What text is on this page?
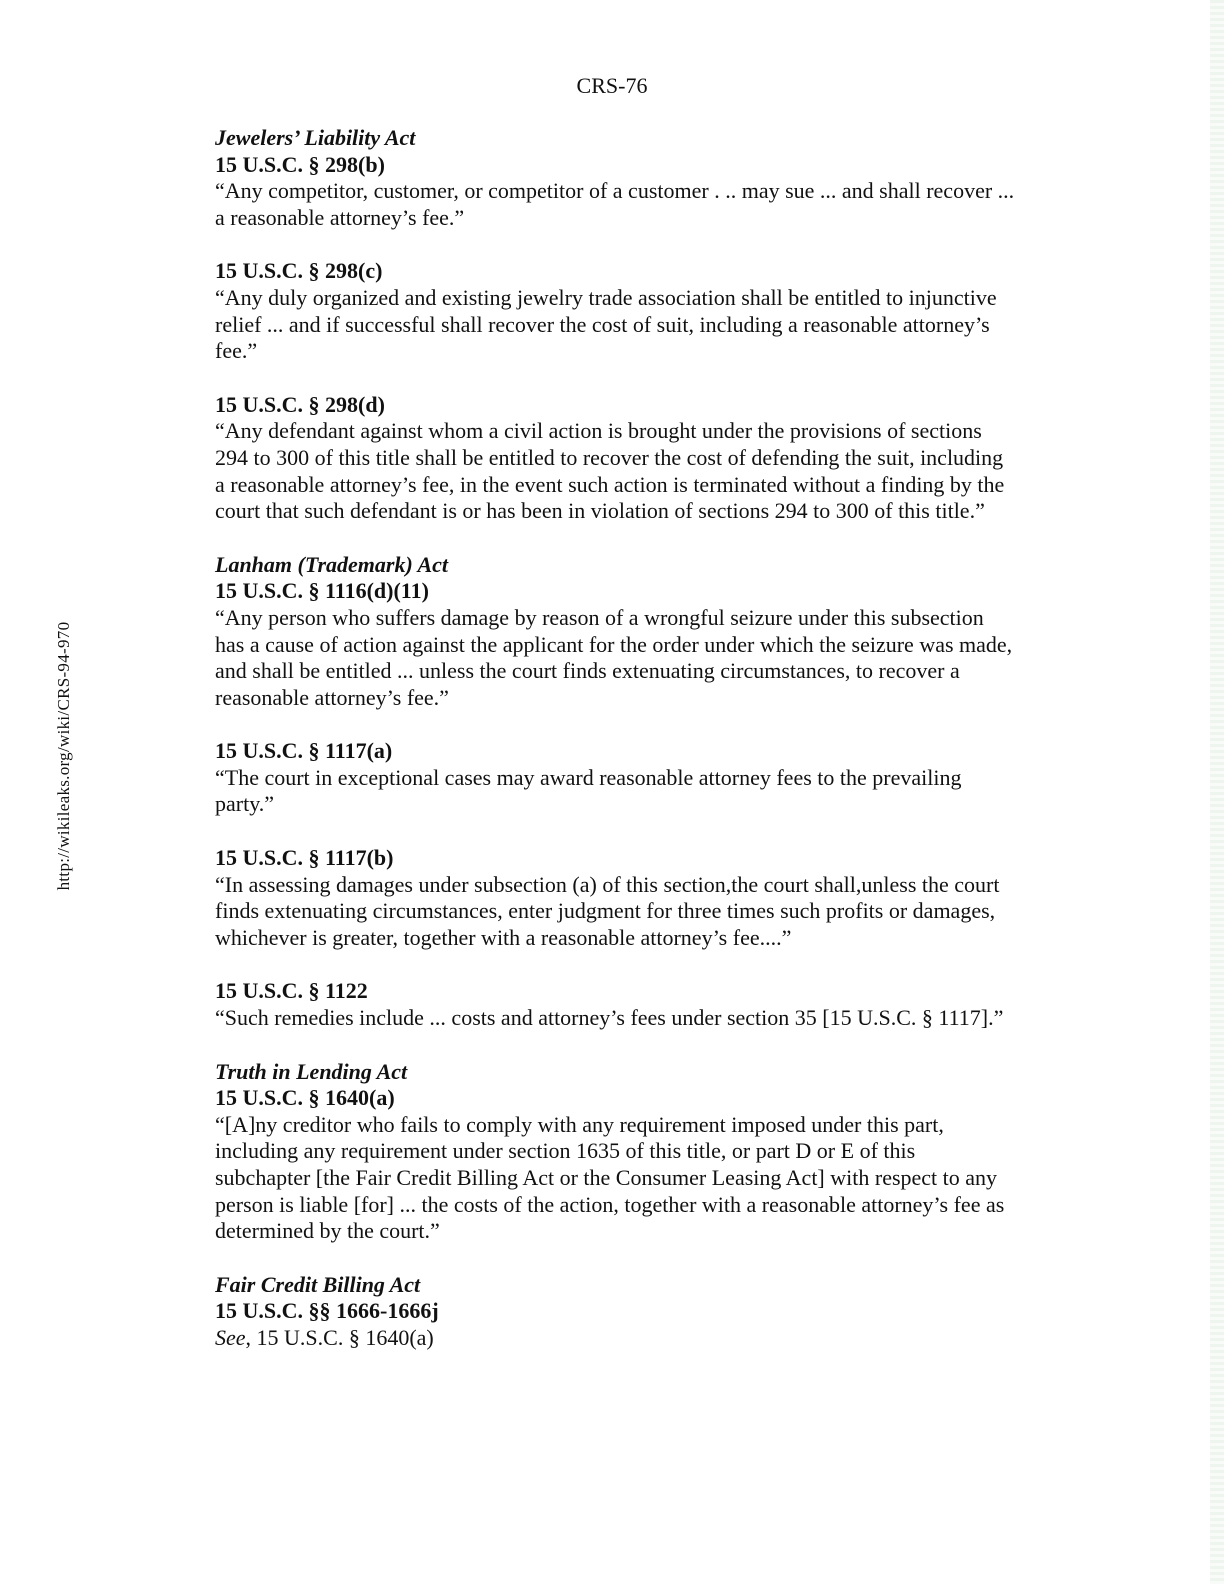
CRS-76
http://wikileaks.org/wiki/CRS-94-970
Jewelers’ Liability Act
15 U.S.C. § 298(b)

“Any competitor, customer, or competitor of a customer . .. may sue ... and shall recover ... a reasonable attorney’s fee.”

15 U.S.C. § 298(c)

“Any duly organized and existing jewelry trade association shall be entitled to injunctive relief ... and if successful shall recover the cost of suit, including a reasonable attorney’s fee.”

15 U.S.C. § 298(d)

“Any defendant against whom a civil action is brought under the provisions of sections 294 to 300 of this title shall be entitled to recover the cost of defending the suit, including a reasonable attorney’s fee, in the event such action is terminated without a finding by the court that such defendant is or has been in violation of sections 294 to 300 of this title.”

Lanham (Trademark) Act
15 U.S.C. § 1116(d)(11)

“Any person who suffers damage by reason of a wrongful seizure under this subsection has a cause of action against the applicant for the order under which the seizure was made, and shall be entitled ... unless the court finds extenuating circumstances, to recover a reasonable attorney’s fee.”

15 U.S.C. § 1117(a)

“The court in exceptional cases may award reasonable attorney fees to the prevailing party.”

15 U.S.C. § 1117(b)

“In assessing damages under subsection (a) of this section,the court shall,unless the court finds extenuating circumstances, enter judgment for three times such profits or damages, whichever is greater, together with a reasonable attorney’s fee....”

15 U.S.C. § 1122

“Such remedies include ... costs and attorney’s fees under section 35 [15 U.S.C. § 1117].”

Truth in Lending Act
15 U.S.C. § 1640(a)

“[A]ny creditor who fails to comply with any requirement imposed under this part, including any requirement under section 1635 of this title, or part D or E of this subchapter [the Fair Credit Billing Act or the Consumer Leasing Act] with respect to any person is liable [for] ... the costs of the action, together with a reasonable attorney’s fee as determined by the court.”

Fair Credit Billing Act
15 U.S.C. §§ 1666-1666j

See, 15 U.S.C. § 1640(a)
